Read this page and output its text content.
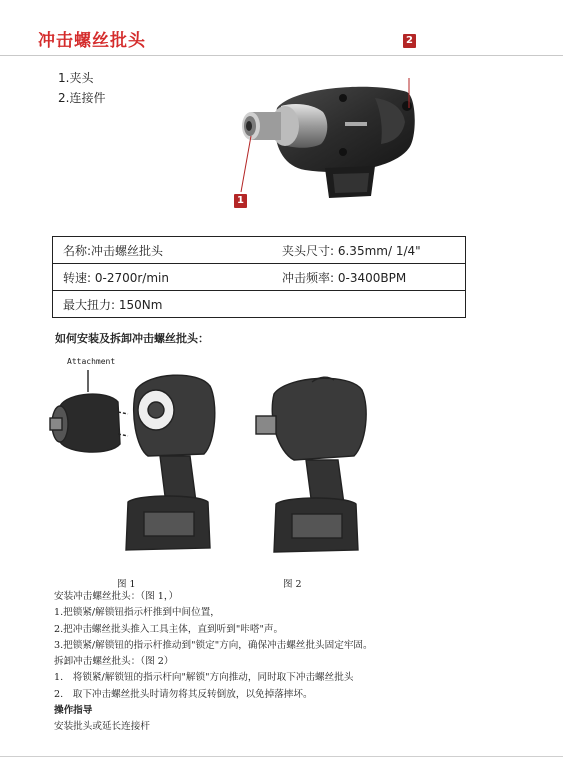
冲击螺丝批头
1.夹头
2.连接件
1
2
名称:冲击螺丝批头	夹头尺寸: 6.35mm/ 1/4"
转速: 0-2700r/min	冲击频率: 0-3400BPM
最大扭力: 150Nm
如何安装及拆卸冲击螺丝批头：
Attachment
图 1	图 2
安装冲击螺丝批头：（图 1，）
1.把锁紧/解锁钮指示杆推到中间位置，
2.把冲击螺丝批头推入工具主体，直到听到"咔嗒"声。
3.把锁紧/解锁钮的指示杆推动到"锁定"方向，确保冲击螺丝批头固定牢固。
拆卸冲击螺丝批头：（图 2）
1.　将锁紧/解锁钮的指示杆向"解锁"方向推动，同时取下冲击螺丝批头
2.　取下冲击螺丝批头时请勿将其反转倒放，以免掉落摔坏。
操作指导
安装批头或延长连接杆
